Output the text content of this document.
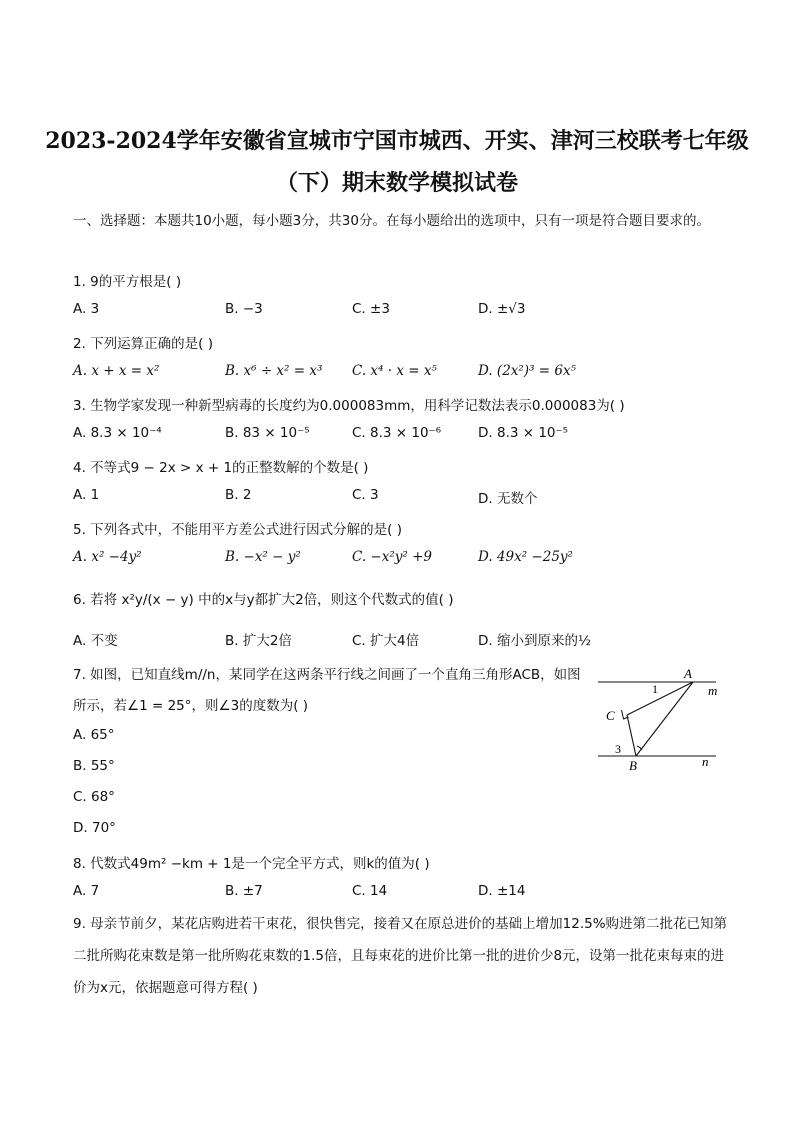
2023-2024学年安徽省宣城市宁国市城西、开实、津河三校联考七年级
（下）期末数学模拟试卷
一、选择题：本题共10小题，每小题3分，共30分。在每小题给出的选项中，只有一项是符合题目要求的。
1. 9的平方根是( )
A. 3	B. −3	C. ±3	D. ±√3
2. 下列运算正确的是( )
A. x + x = x²	B. x⁶ ÷ x² = x³ C. x⁴ · x = x⁵	D. (2x²)³ = 6x⁵
3. 生物学家发现一种新型病毒的长度约为0.000083mm，用科学记数法表示0.000083为( )
A. 8.3 × 10⁻⁴	B. 83 × 10⁻⁵	C. 8.3 × 10⁻⁶	D. 8.3 × 10⁻⁵
4. 不等式9 − 2x > x + 1的正整数解的个数是( )
A. 1	B. 2	C. 3	D. 无数个
5. 下列各式中，不能用平方差公式进行因式分解的是( )
A. x² −4y²	B. −x² − y²	C. −x²y² +9	D. 49x² −25y²
6. 若将 x²y/(x − y) 中的x与y都扩大2倍，则这个代数式的值( )
A. 不变	B. 扩大2倍	C. 扩大4倍	D. 缩小到原来的½
7. 如图，已知直线m//n，某同学在这两条平行线之间画了一个直角三角形ACB，如图所示，若∠1 = 25°，则∠3的度数为( )
A. 65°
B. 55°
C. 68°
D. 70°
A
1	m
C
3
B	n
8. 代数式49m² −km + 1是一个完全平方式，则k的值为( )
A. 7	B. ±7	C. 14	D. ±14
9. 母亲节前夕，某花店购进若干束花，很快售完，接着又在原总进价的基础上增加12.5%购进第二批花已知第二批所购花束数是第一批所购花束数的1.5倍，且每束花的进价比第一批的进价少8元，设第一批花束每束的进价为x元，依据题意可得方程( )
